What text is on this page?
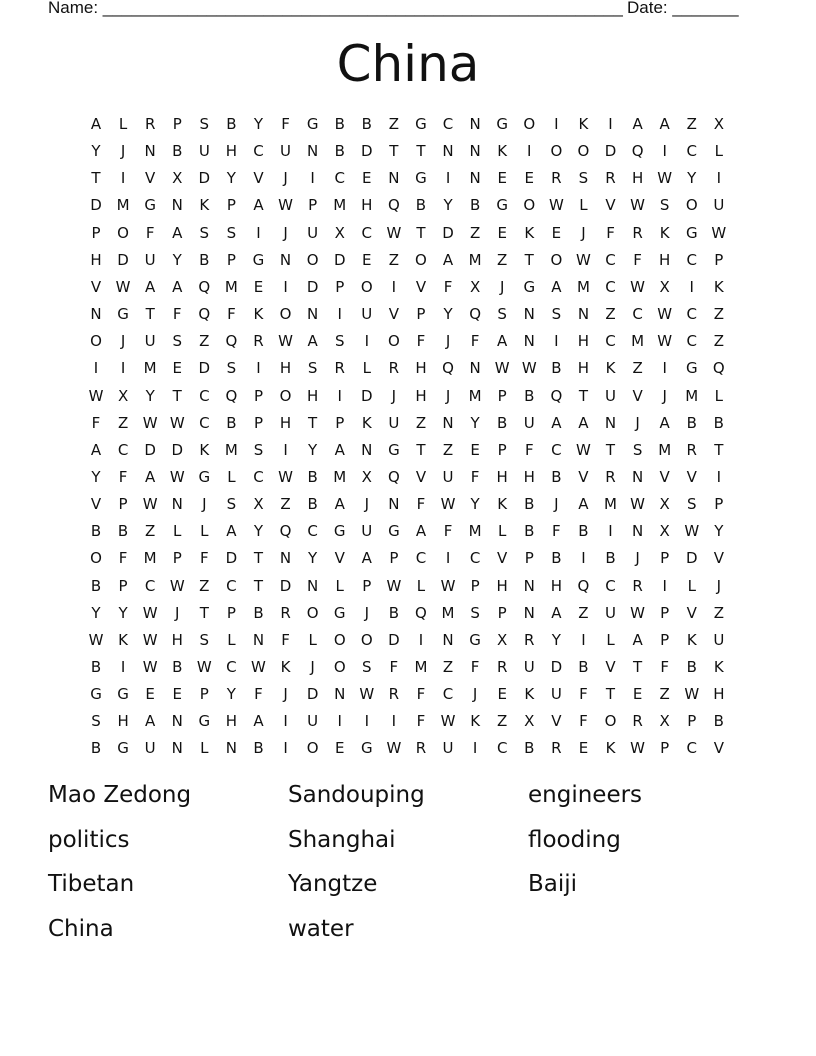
Name: _______________________________________________________ Date: _______
China
A	L	R	P	S	B	Y	F	G	B	B	Z	G	C	N	G	O	I	K	I	A	A	Z	X
Y	J	N	B	U	H	C	U	N	B	D	T	T	N	N	K	I	O	O	D	Q	I	C	L
T	I	V	X	D	Y	V	J	I	C	E	N	G	I	N	E	E	R	S	R	H W	Y	I
D M G	N	K	P	A W	P	M H	Q	B	Y	B	G	O W	L	V W S	O	U
P	O	F	A	S	S	I	J	U	X	C W	T	D	Z	E	K	E	J	F	R	K	G W
H	D	U	Y	B	P	G	N	O	D	E	Z	O	A	M	Z	T	O W C	F	H	C	P
V W A	A	Q M	E	I	D	P	O	I	V	F	X	J	G	A	M	C W X	I	K
N	G	T	F	Q	F	K	O	N	I	U	V	P	Y	Q	S	N	S	N	Z	C W C	Z
O	J	U	S	Z	Q	R W A	S	I	O	F	J	F	A	N	I	H	C	M W C	Z
I	I	M	E	D	S	I	H	S	R	L	R	H	Q	N W W B	H	K	Z	I	G	Q
W X	Y	T	C	Q	P	O	H	I	D	J	H	J	M	P	B	Q	T	U	V	J	M	L
F	Z W W C	B	P	H	T	P	K	U	Z	N	Y	B	U	A	A	N	J	A	B	B
A	C	D	D	K	M	S	I	Y	A	N	G	T	Z	E	P	F	C W	T	S	M	R	T
Y	F	A W G	L	C W B	M	X	Q	V	U	F	H	H	B	V	R	N	V	V	I
V	P	W N	J	S	X	Z	B	A	J	N	F	W	Y	K	B	J	A	M W X	S	P
B	B	Z	L	L	A	Y	Q	C	G	U	G	A	F	M	L	B	F	B	I	N	X W	Y
O	F	M	P	F	D	T	N	Y	V	A	P	C	I	C	V	P	B	I	B	J	P	D	V
B	P	C W Z	C	T	D	N	L	P	W	L	W	P	H	N	H	Q	C	R	I	L	J
Y	Y	W	J	T	P	B	R	O	G	J	B	Q M	S	P	N	A	Z	U W	P	V	Z
W K W H	S	L	N	F	L	O	O	D	I	N	G	X	R	Y	I	L	A	P	K	U
B	I	W B W C W K	J	O	S	F	M	Z	F	R	U	D	B	V	T	F	B	K
G	G	E	E	P	Y	F	J	D	N W R	F	C	J	E	K	U	F	T	E	Z W H
S	H	A	N	G	H	A	I	U	I	I	I	F	W K	Z	X	V	F	O	R	X	P	B
B	G	U	N	L	N	B	I	O	E	G W R	U	I	C	B	R	E	K W	P	C	V
Mao Zedong	Sandouping	engineers
politics	Shanghai	flooding
Tibetan	Yangtze	Baiji
China	water
